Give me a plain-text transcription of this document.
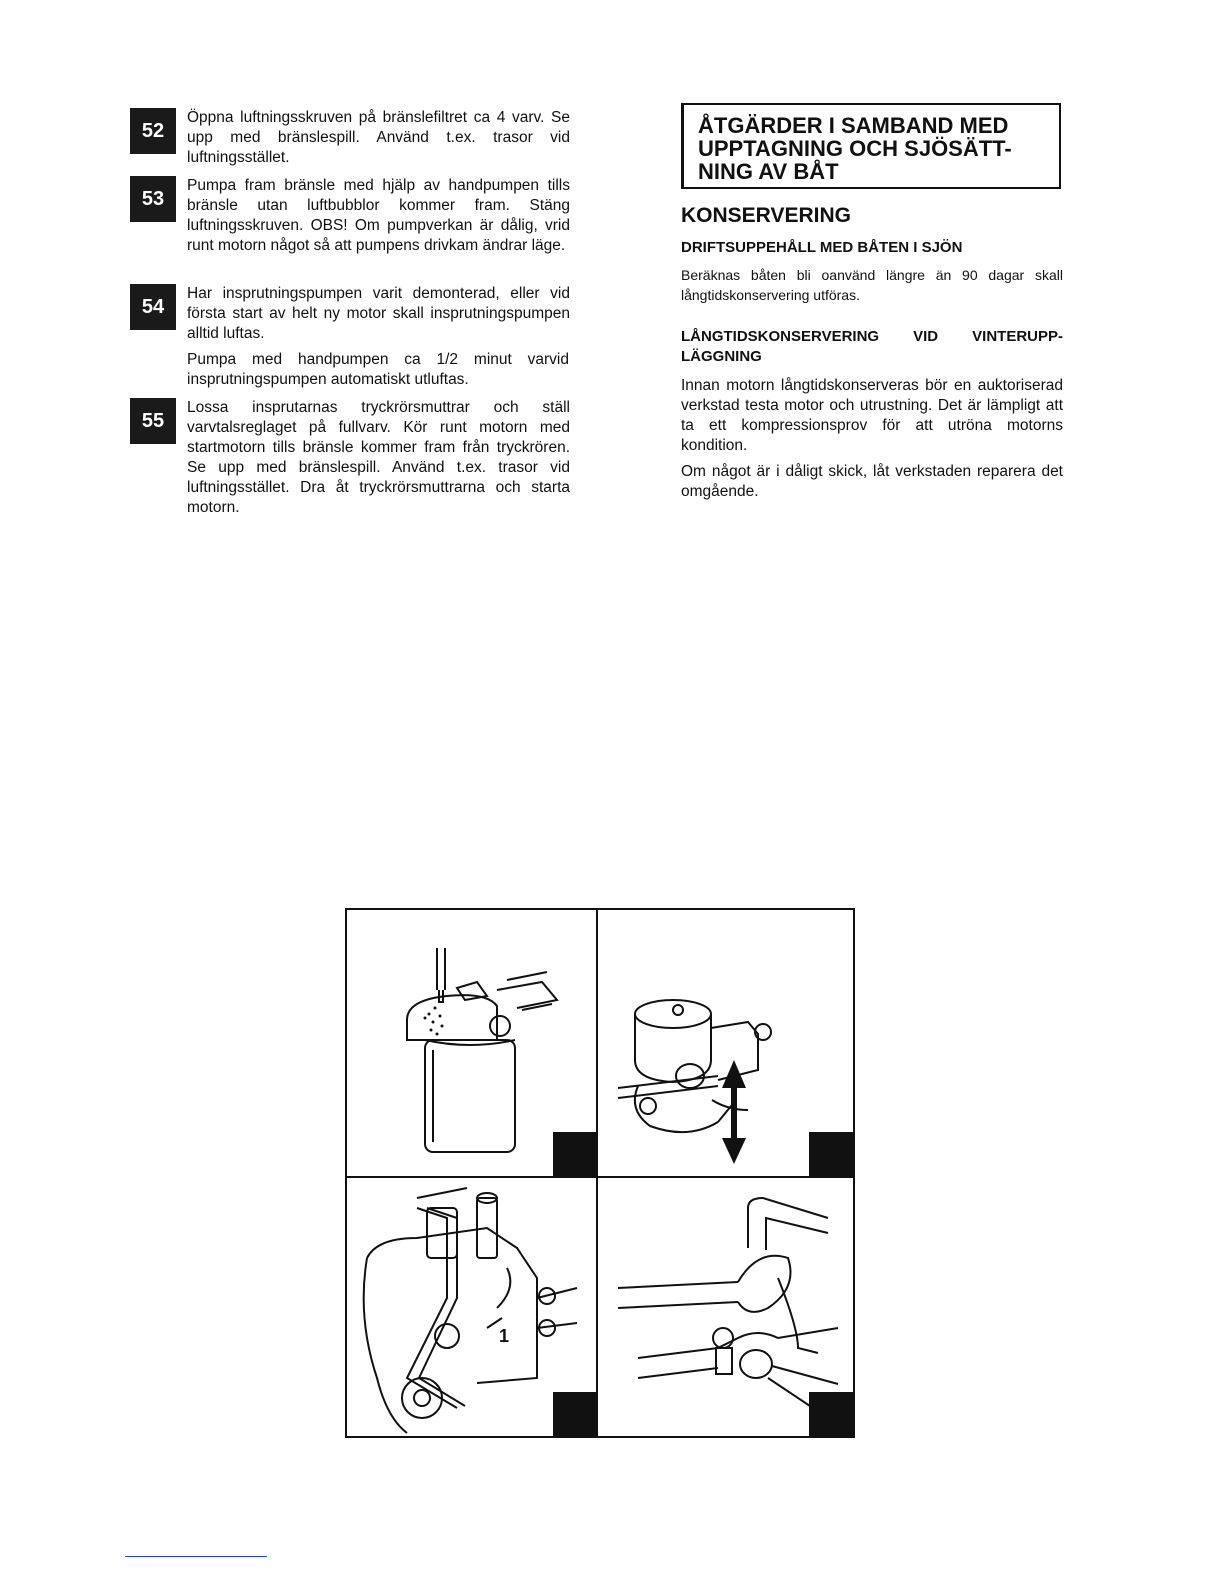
52

Öppna luftningsskruven på bränslefiltret ca 4 varv. Se upp med bränslespill. Använd t.ex. trasor vid luftningsstället.

53

Pumpa fram bränsle med hjälp av handpumpen tills bränsle utan luftbubblor kommer fram. Stäng luftningsskruven. OBS! Om pumpverkan är dålig, vrid runt motorn något så att pumpens drivkam ändrar läge.

54

Har insprutningspumpen varit demonterad, eller vid första start av helt ny motor skall insprutningspumpen alltid luftas.

Pumpa med handpumpen ca 1/2 minut varvid insprutningspumpen automatiskt utluftas.

55

Lossa insprutarnas tryckrörsmuttrar och ställ varvtalsreglaget på fullvarv. Kör runt motorn med startmotorn tills bränsle kommer fram från tryckrören. Se upp med bränslespill. Använd t.ex. trasor vid luftningsstället. Dra åt tryckrörsmuttrarna och starta motorn.

ÅTGÄRDER I SAMBAND MED
UPPTAGNING OCH SJÖSÄTT-
NING AV BÅT
KONSERVERING
DRIFTSUPPEHÅLL MED BÅTEN I SJÖN

Beräknas båten bli oanvänd längre än 90 dagar skall långtidskonservering utföras.

LÅNGTIDSKONSERVERING VID VINTERUPP-LÄGGNING

Innan motorn långtidskonserveras bör en auktoriserad verkstad testa motor och utrustning. Det är lämpligt att ta ett kompressionsprov för att utröna motorns kondition.

Om något är i dåligt skick, låt verkstaden reparera det omgående.

1
